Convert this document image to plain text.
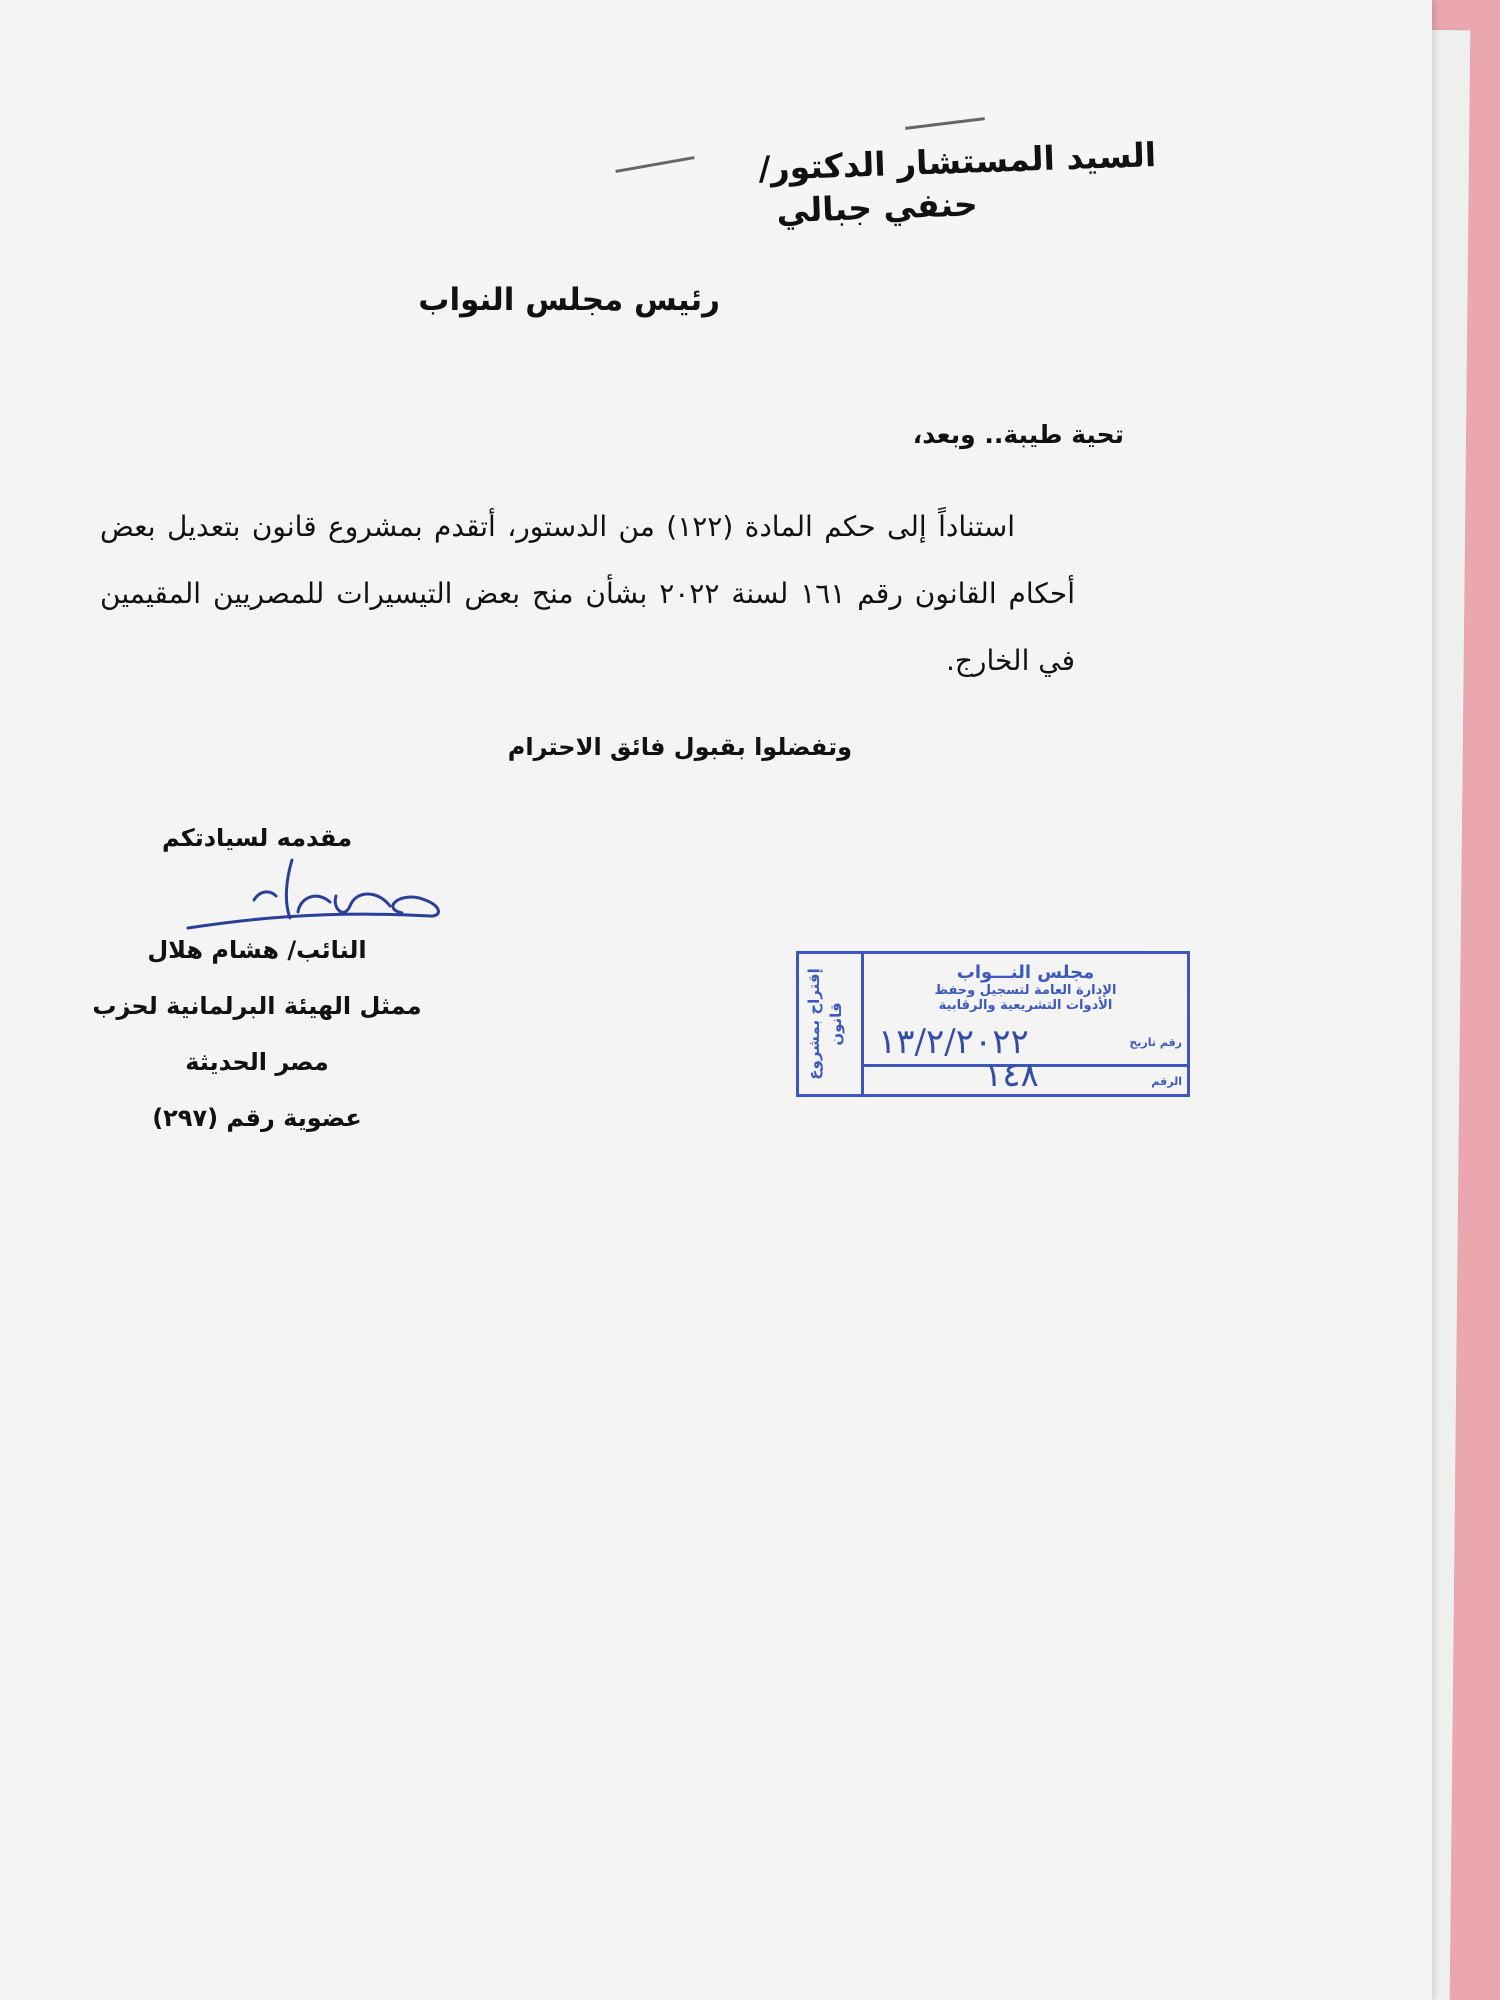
السيد المستشار الدكتور/
حنفي جبالي
رئيس مجلس النواب
تحية طيبة.. وبعد،
استناداً إلى حكم المادة (١٢٢) من الدستور، أتقدم بمشروع قانون بتعديل بعض أحكام القانون رقم ١٦١ لسنة ٢٠٢٢ بشأن منح بعض التيسيرات للمصريين المقيمين في الخارج.
وتفضلوا بقبول فائق الاحترام
مقدمه لسيادتكم
النائب/ هشام هلال
ممثل الهيئة البرلمانية لحزب
مصر الحديثة
عضوية رقم (٢٩٧)
إقتراح بمشروع قانون
مجلس النـــواب
الإدارة العامة لتسجيل وحفظ
الأدوات التشريعية والرقابية
رقم تاريخ
١٣/٢/٢٠٢٢
الرقم
١٤٨
